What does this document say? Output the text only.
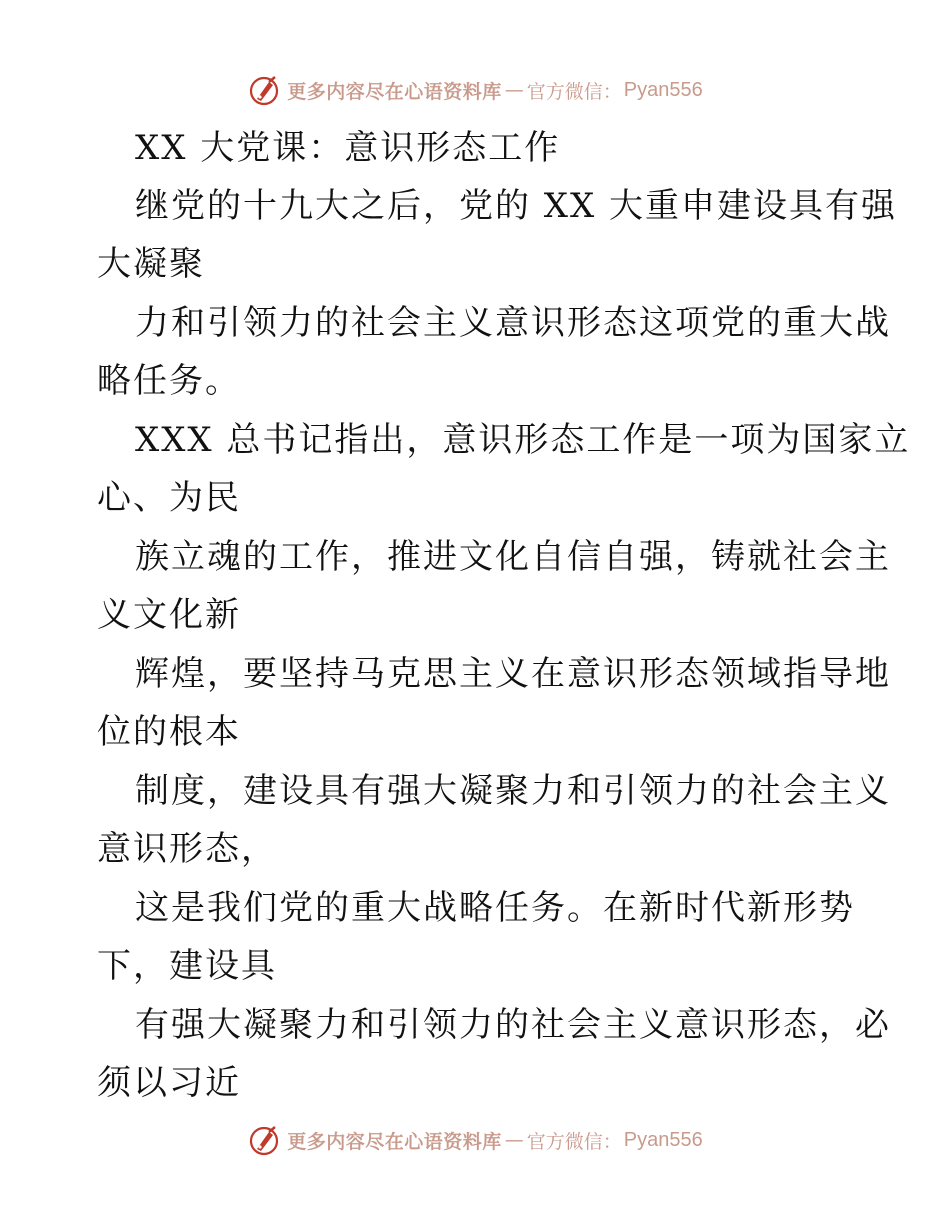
更多内容尽在心语资料库 — 官方微信： Pyan556
XX 大党课：意识形态工作
继党的十九大之后，党的 XX 大重申建设具有强
大凝聚
力和引领力的社会主义意识形态这项党的重大战
略任务。
XXX 总书记指出，意识形态工作是一项为国家立
心、为民
族立魂的工作，推进文化自信自强，铸就社会主
义文化新
辉煌，要坚持马克思主义在意识形态领域指导地
位的根本
制度，建设具有强大凝聚力和引领力的社会主义
意识形态，
这是我们党的重大战略任务。在新时代新形势
下，建设具
有强大凝聚力和引领力的社会主义意识形态，必
须以习近
更多内容尽在心语资料库 — 官方微信： Pyan556
